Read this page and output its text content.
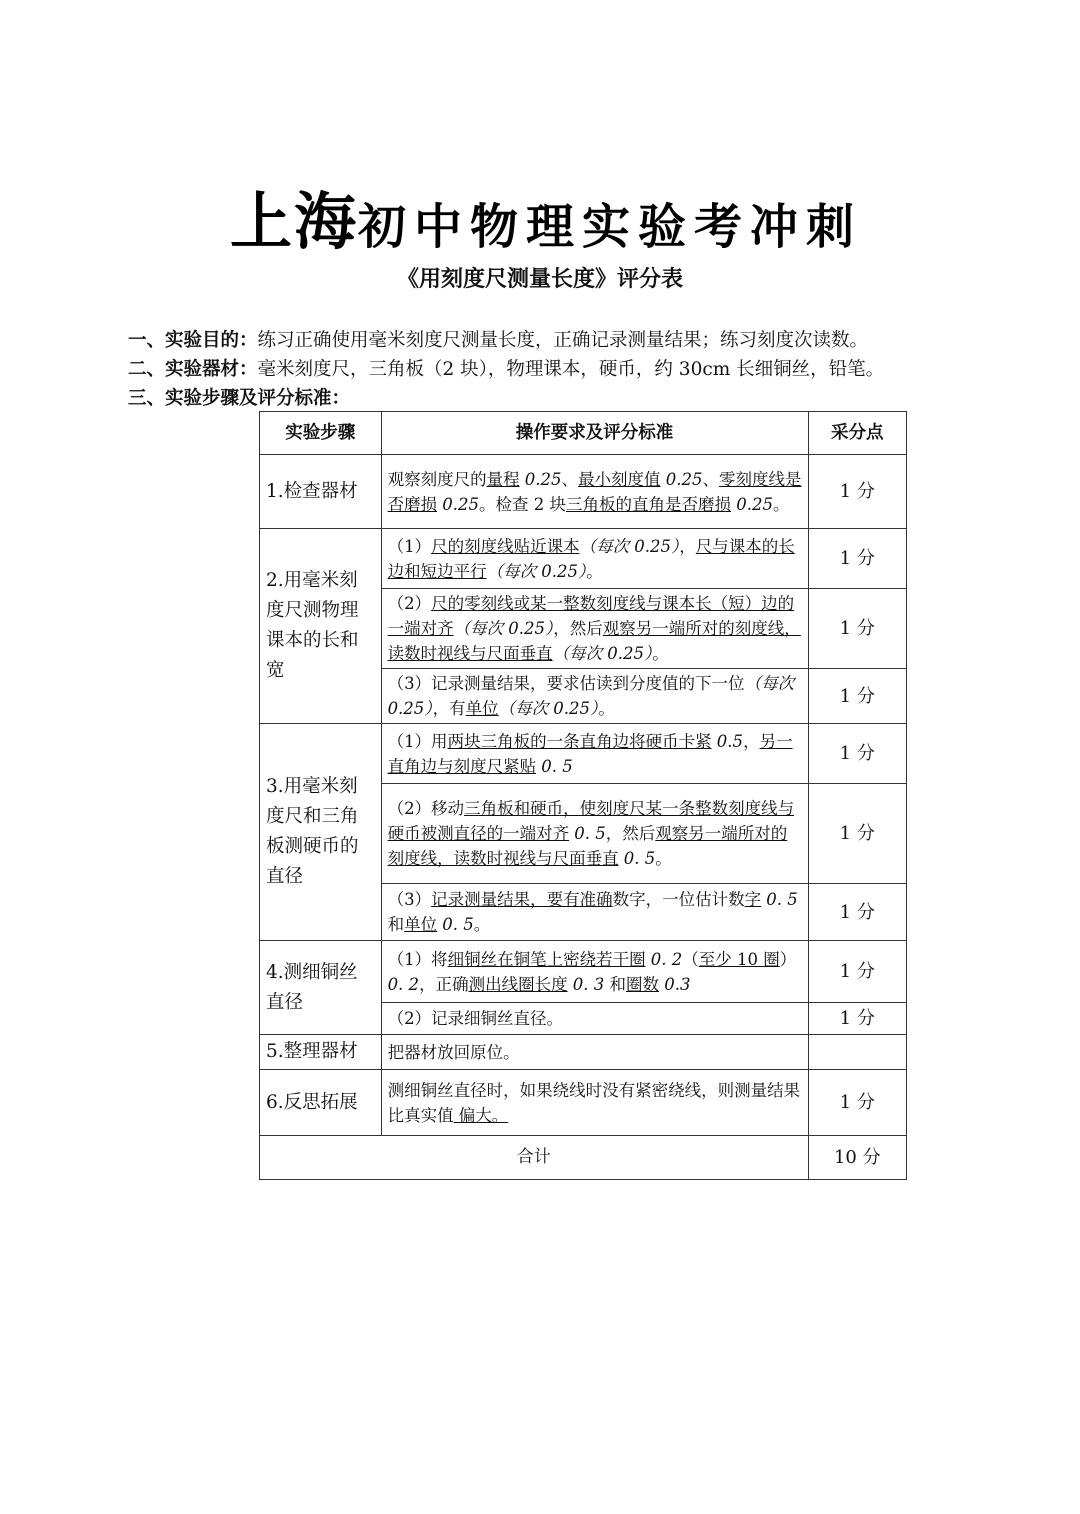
上海 初中物理实验考冲刺
《用刻度尺测量长度》评分表
一、实验目的：练习正确使用毫米刻度尺测量长度，正确记录测量结果；练习刻度次读数。
二、实验器材：毫米刻度尺，三角板（2 块），物理课本，硬币，约 30cm 长细铜丝，铅笔。
三、实验步骤及评分标准：
实验步骤	操作要求及评分标准	采分点
1.检查器材	观察刻度尺的量程 0.25、最小刻度值 0.25、零刻度线是否磨损 0.25。检查 2 块三角板的直角是否磨损 0.25。	1 分
2.用毫米刻度尺测物理课本的长和宽	（1）尺的刻度线贴近课本（每次 0.25），尺与课本的长边和短边平行（每次 0.25）。	1 分
	（2）尺的零刻线或某一整数刻度线与课本长（短）边的一端对齐（每次 0.25），然后观察另一端所对的刻度线，读数时视线与尺面垂直（每次 0.25）。	1 分
	（3）记录测量结果，要求估读到分度值的下一位（每次 0.25），有单位（每次 0.25）。	1 分
3.用毫米刻度尺和三角板测硬币的直径	（1）用两块三角板的一条直角边将硬币卡紧 0.5，另一直角边与刻度尺紧贴 0. 5	1 分
	（2）移动三角板和硬币，使刻度尺某一条整数刻度线与硬币被测直径的一端对齐 0. 5，然后观察另一端所对的刻度线，读数时视线与尺面垂直 0. 5。	1 分
	（3）记录测量结果，要有准确数字，一位估计数字 0. 5 和单位 0. 5。	1 分
4.测细铜丝直径	（1）将细铜丝在铜笔上密绕若干圈 0. 2（至少 10 圈） 0. 2，正确测出线圈长度 0. 3 和圈数 0.3	1 分
	（2）记录细铜丝直径。	1 分
5.整理器材	把器材放回原位。	
6.反思拓展	测细铜丝直径时，如果绕线时没有紧密绕线，则测量结果比真实值 偏大。	1 分
合计		10 分
